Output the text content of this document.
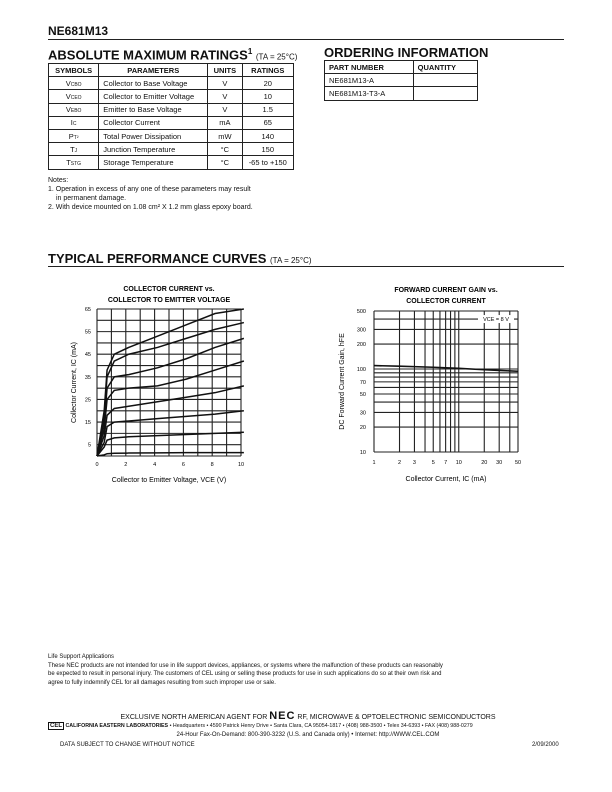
NE681M13
ABSOLUTE MAXIMUM RATINGS$^1$ (TA = 25°C)
SYMBOLS	PARAMETERS	UNITS	RATINGS
VCBO	Collector to Base Voltage	V	20
VCEO	Collector to Emitter Voltage	V	10
VEBO	Emitter to Base Voltage	V	1.5
IC	Collector Current	mA	65
PT²	Total Power Dissipation	mW	140
TJ	Junction Temperature	°C	150
TSTG	Storage Temperature	°C	-65 to +150
Notes:
1. Operation in excess of any one of these parameters may result
in permanent damage.
2. With device mounted on 1.08 cm² X 1.2 mm glass epoxy board.
ORDERING INFORMATION
PART NUMBER	QUANTITY
NE681M13-A	
NE681M13-T3-A	
TYPICAL PERFORMANCE CURVES (TA = 25°C)
COLLECTOR CURRENT vs.
COLLECTOR TO EMITTER VOLTAGE
0	2	4	6	8	10
5
15
25
35
45
55
65
Collector to Emitter Voltage, VCE (V)
Collector Current, IC (mA)
FORWARD CURRENT GAIN vs.
COLLECTOR CURRENT
1	2 3	5 7 10	20 30 50
10
20
30
50
70
100
200
300
500
Collector Current, IC (mA)
DC Forward Current Gain, hFE
VCE = 8 V
Life Support Applications
These NEC products are not intended for use in life support devices, appliances, or systems where the malfunction of these products can reasonably
be expected to result in personal injury. The customers of CEL using or selling these products for use in such applications do so at their own risk and
agree to fully indemnify CEL for all damages resulting from such improper use or sale.
EXCLUSIVE NORTH AMERICAN AGENT FOR NEC RF, MICROWAVE & OPTOELECTRONIC SEMICONDUCTORS
CEL CALIFORNIA EASTERN LABORATORIES • Headquarters • 4590 Patrick Henry Drive • Santa Clara, CA 95054-1817 • (408) 988-3500 • Telex 34-6393 • FAX (408) 988-0279
24-Hour Fax-On-Demand: 800-390-3232 (U.S. and Canada only) • Internet: http://WWW.CEL.COM
DATA SUBJECT TO CHANGE WITHOUT NOTICE	2/09/2000
